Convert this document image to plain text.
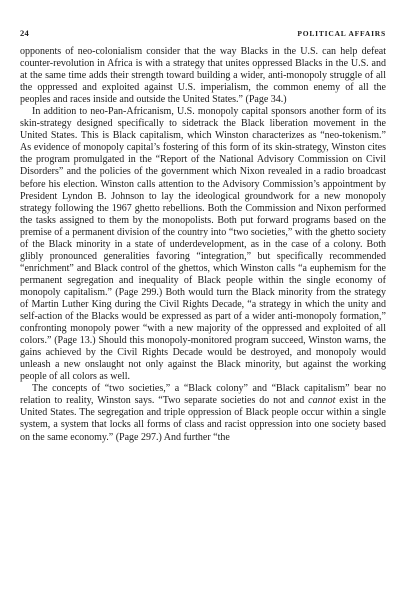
24	POLITICAL AFFAIRS

opponents of neo-colonialism consider that the way Blacks in the U.S. can help defeat counter-revolution in Africa is with a strategy that unites oppressed Blacks in the U.S. and at the same time adds their strength toward building a wider, anti-monopoly struggle of all the oppressed and exploited against U.S. imperialism, the common enemy of all the peoples and races inside and outside the United States.” (Page 34.)

In addition to neo-Pan-Africanism, U.S. monopoly capital sponsors another form of its skin-strategy designed specifically to sidetrack the Black liberation movement in the United States. This is Black capitalism, which Winston characterizes as “neo-tokenism.” As evidence of monopoly capital’s fostering of this form of its skin-strategy, Winston cites the program promulgated in the “Report of the National Advisory Commission on Civil Disorders” and the policies of the government which Nixon revealed in a radio broadcast before his election. Winston calls attention to the Advisory Commission’s appointment by President Lyndon B. Johnson to lay the ideological groundwork for a new monopoly strategy following the 1967 ghetto rebellions. Both the Commission and Nixon performed the tasks assigned to them by the monopolists. Both put forward programs based on the premise of a permanent division of the country into “two societies,” with the ghetto society of the Black minority in a state of underdevelopment, as in the case of a colony. Both glibly pronounced generalities favoring “integration,” but specifically recommended “enrichment” and Black control of the ghettos, which Winston calls “a euphemism for the permanent segregation and inequality of Black people within the single economy of monopoly capitalism.” (Page 299.) Both would turn the Black minority from the strategy of Martin Luther King during the Civil Rights Decade, “a strategy in which the unity and self-action of the Blacks would be expressed as part of a wider anti-monopoly formation,” confronting monopoly power “with a new majority of the oppressed and exploited of all colors.” (Page 13.) Should this monopoly-monitored program succeed, Winston warns, the gains achieved by the Civil Rights Decade would be destroyed, and monopoly would unleash a new onslaught not only against the Black minority, but against the working people of all colors as well.

The concepts of “two societies,” a “Black colony” and “Black capitalism” bear no relation to reality, Winston says. “Two separate societies do not and cannot exist in the United States. The segregation and triple oppression of Black people occur within a single system, a system that locks all forms of class and racist oppression into one society based on the same economy.” (Page 297.) And further “the
